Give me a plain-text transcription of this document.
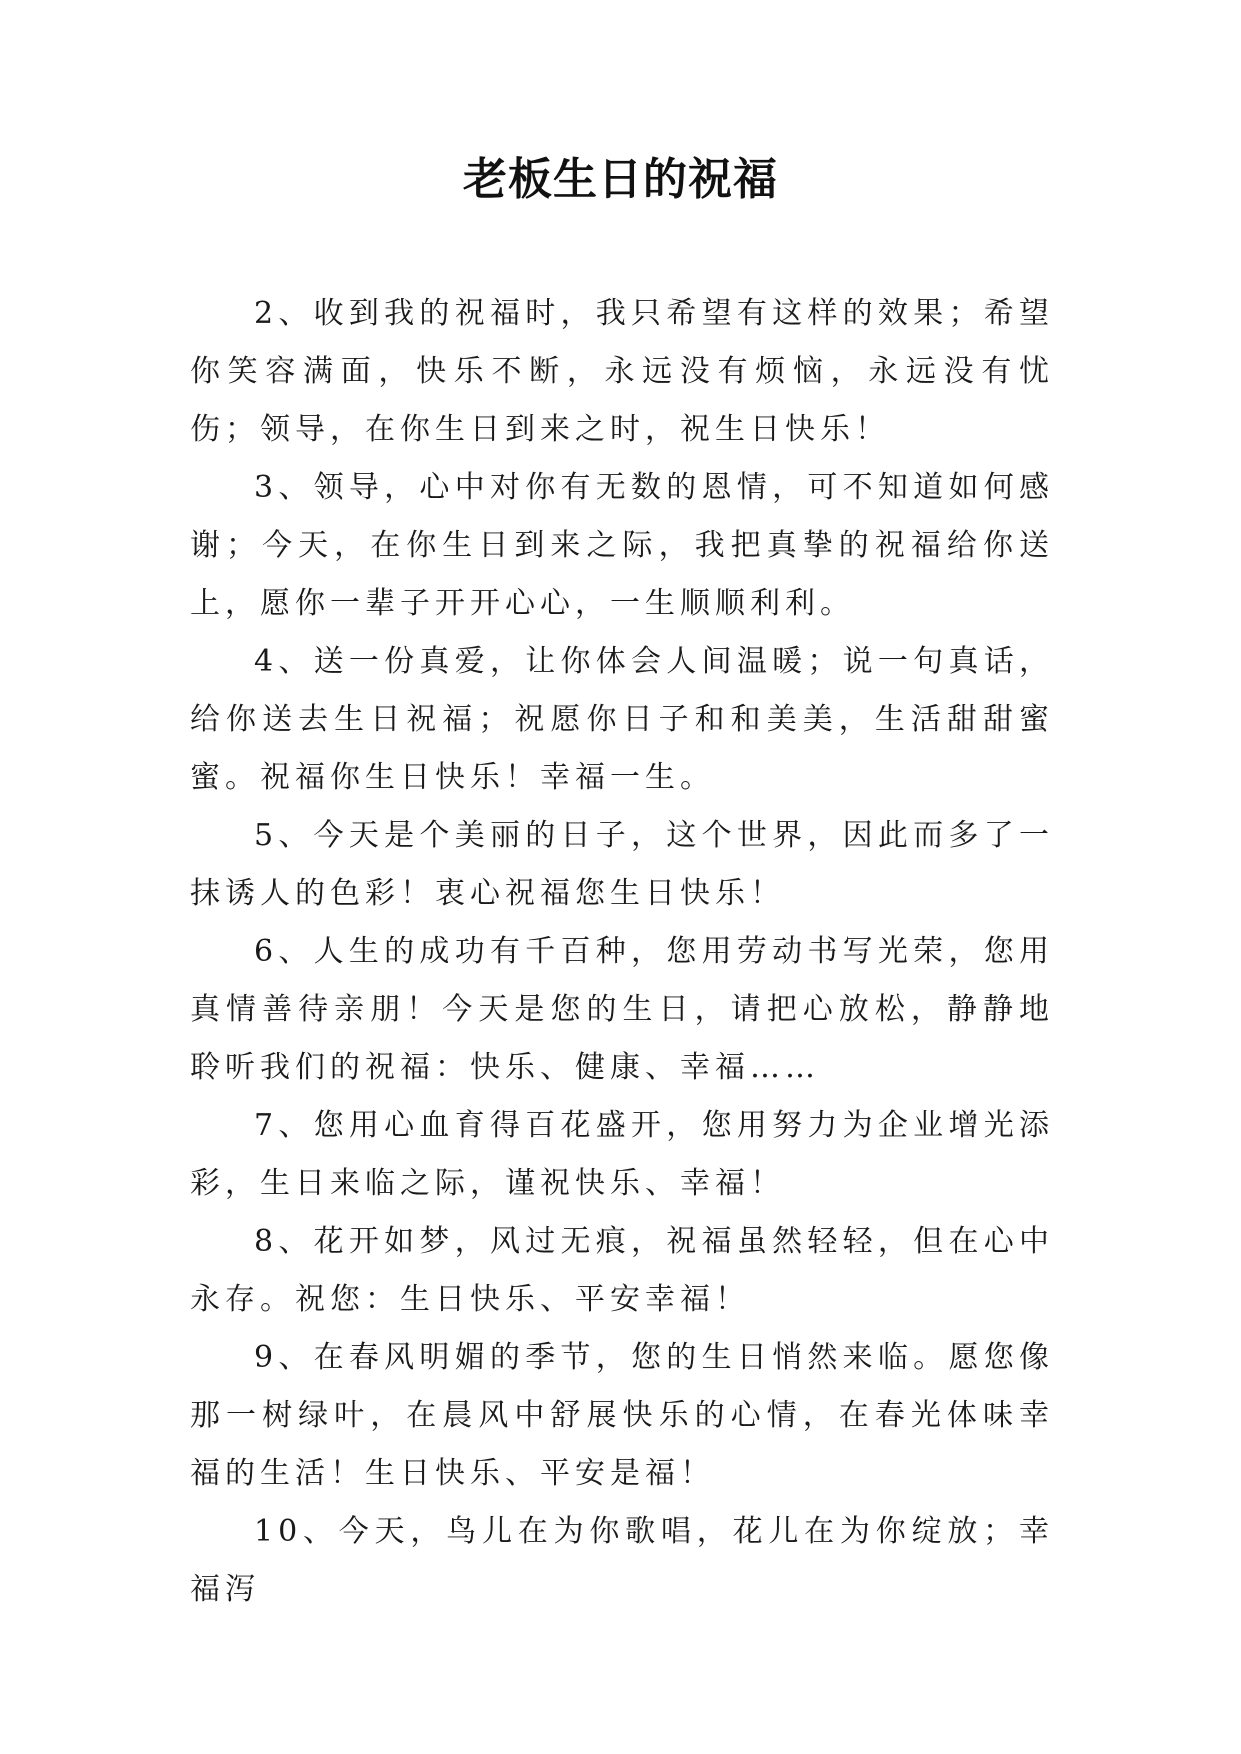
老板生日的祝福

2、收到我的祝福时，我只希望有这样的效果；希望你笑容满面，快乐不断，永远没有烦恼，永远没有忧伤；领导，在你生日到来之时，祝生日快乐！

3、领导，心中对你有无数的恩情，可不知道如何感谢；今天，在你生日到来之际，我把真挚的祝福给你送上，愿你一辈子开开心心，一生顺顺利利。

4、送一份真爱，让你体会人间温暖；说一句真话，给你送去生日祝福；祝愿你日子和和美美，生活甜甜蜜蜜。祝福你生日快乐！幸福一生。

5、今天是个美丽的日子，这个世界，因此而多了一抹诱人的色彩！衷心祝福您生日快乐！

6、人生的成功有千百种，您用劳动书写光荣，您用真情善待亲朋！今天是您的生日，请把心放松，静静地聆听我们的祝福：快乐、健康、幸福……

7、您用心血育得百花盛开，您用努力为企业增光添彩，生日来临之际，谨祝快乐、幸福！

8、花开如梦，风过无痕，祝福虽然轻轻，但在心中永存。祝您：生日快乐、平安幸福！

9、在春风明媚的季节，您的生日悄然来临。愿您像那一树绿叶，在晨风中舒展快乐的心情，在春光体味幸福的生活！生日快乐、平安是福！

10、今天，鸟儿在为你歌唱，花儿在为你绽放；幸福泻
